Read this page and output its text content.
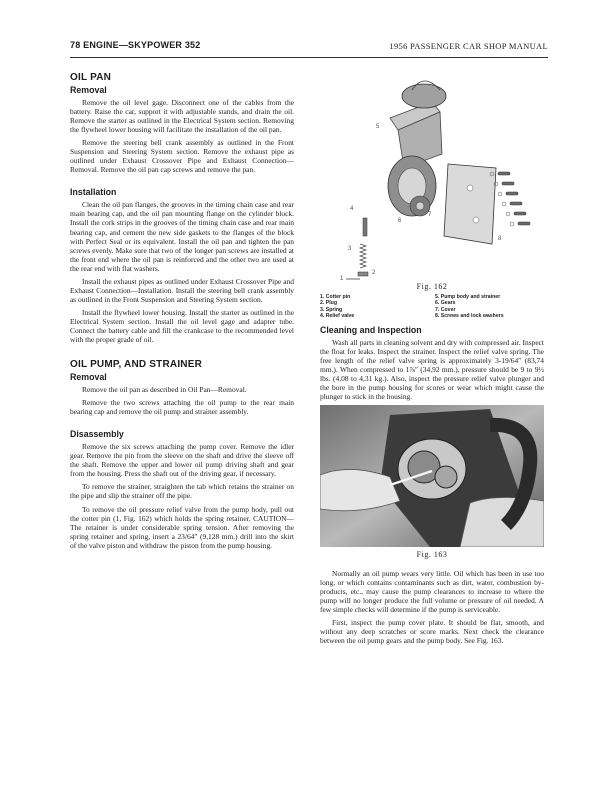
78 ENGINE—SKYPOWER 352	1956 PASSENGER CAR SHOP MANUAL
OIL PAN
Removal

Remove the oil level gage. Disconnect one of the cables from the battery. Raise the car, support it with adjustable stands, and drain the oil. Remove the starter as outlined in the Electrical System section. Removing the flywheel lower housing will facilitate the installation of the oil pan.

Remove the steering bell crank assembly as outlined in the Front Suspension and Steering System section. Remove the exhaust pipe as outlined under Exhaust Crossover Pipe and Exhaust Connection—Removal. Remove the oil pan cap screws and remove the pan.

Installation

Clean the oil pan flanges, the grooves in the timing chain case and rear main bearing cap, and the oil pan mounting flange on the cylinder block. Install the cork strips in the grooves of the timing chain case and rear main bearing cap, and cement the new side gaskets to the flanges of the block with Perfect Seal or its equivalent. Install the oil pan and tighten the pan screws evenly. Make sure that two of the longer pan screws are installed at the front end where the oil pan is reinforced and the other two are used at the rear end with flat washers.

Install the exhaust pipes as outlined under Exhaust Crossover Pipe and Exhaust Connection—Installation. Install the steering bell crank assembly as outlined in the Front Suspension and Steering System section.

Install the flywheel lower housing. Install the starter as outlined in the Electrical System section. Install the oil level gage and adapter tube. Connect the battery cable and fill the crankcase to the recommended level with the proper grade of oil.

OIL PUMP, AND STRAINER
Removal

Remove the oil pan as described in Oil Pan—Removal.

Remove the two screws attaching the oil pump to the rear main bearing cap and remove the oil pump and strainer assembly.

Disassembly

Remove the six screws attaching the pump cover. Remove the idler gear. Remove the pin from the sleeve on the shaft and drive the sleeve off the shaft. Remove the upper and lower oil pump driving shaft and gear from the housing. Press the shaft out of the driving gear, if necessary.

To remove the strainer, straighten the tab which retains the strainer on the pipe and slip the strainer off the pipe.

To remove the oil pressure relief valve from the pump body, pull out the cotter pin (1, Fig. 162) which holds the spring retainer. CAUTION—The retainer is under considerable spring tension. After removing the spring retainer and spring, insert a 23/64″ (9,128 mm.) drill into the skirt of the valve piston and withdraw the piston from the pump housing.

5
6
7
8
4
3
2
1
Fig. 162
1. Cotter pin	5. Pump body and strainer
2. Plug	6. Gears
3. Spring	7. Cover
4. Relief valve	8. Screws and lock washers
Cleaning and Inspection

Wash all parts in cleaning solvent and dry with compressed air. Inspect the float for leaks. Inspect the strainer. Inspect the relief valve spring. The free length of the relief valve spring is approximately 3-19/64″ (83,74 mm.). When compressed to 1⅞″ (34,92 mm.), pressure should be 9 to 9½ lbs. (4,08 to 4,31 kg.). Also, inspect the pressure relief valve plunger and the bore in the pump housing for scores or wear which might cause the plunger to stick in the housing.

Fig. 163

Normally an oil pump wears very little. Oil which has been in use too long, or which contains contaminants such as dirt, water, combustion by-products, etc., may cause the pump clearances to increase to where the pump will no longer produce the full volume or pressure of oil needed. A few simple checks will determine if the pump is serviceable.

First, inspect the pump cover plate. It should be flat, smooth, and without any deep scratches or score marks. Next check the clearance between the oil pump gears and the pump body. See Fig. 163.
